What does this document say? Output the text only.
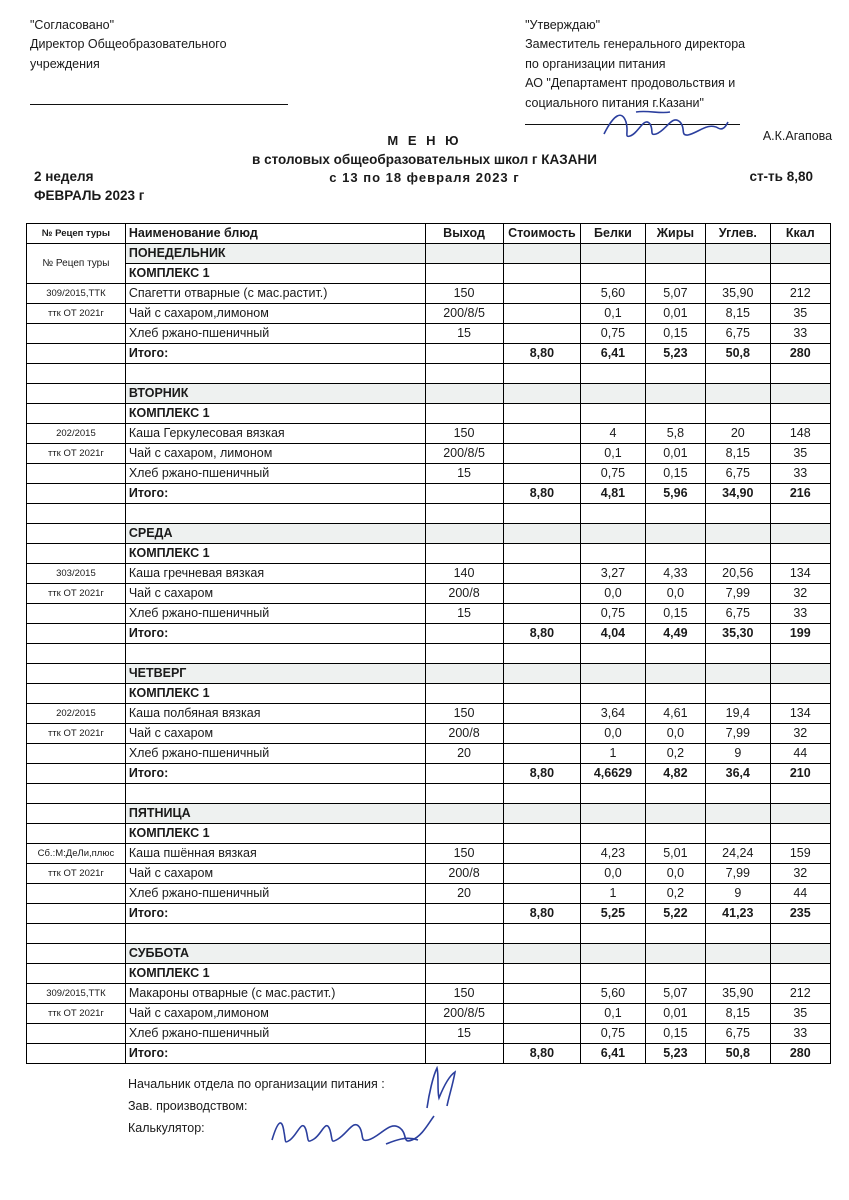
"Согласовано"
Директор Общеобразовательного
учреждения
"Утверждаю"
Заместитель генерального директора
по организации питания
АО "Департамент продовольствия и
социального питания г.Казани"
А.К.Агапова
М Е Н Ю
в столовых общеобразовательных школ г КАЗАНИ
с 13 по 18 февраля 2023 г
2 неделя
ФЕВРАЛЬ 2023 г
ст-ть 8,80
№ Рецеп туры	Наименование блюд	Выход	Стоимость	Белки	Жиры	Углев.	Ккал
№ Рецеп туры	ПОНЕДЕЛЬНИК						
	КОМПЛЕКС 1						
309/2015,ТТК	Спагетти отварные (с мас.растит.)	150		5,60	5,07	35,90	212
ттк ОТ 2021г	Чай с сахаром,лимоном	200/8/5		0,1	0,01	8,15	35
	Хлеб ржано-пшеничный	15		0,75	0,15	6,75	33
	Итого:		8,80	6,41	5,23	50,8	280

	ВТОРНИК						
	КОМПЛЕКС 1						
202/2015	Каша Геркулесовая вязкая	150		4	5,8	20	148
ттк ОТ 2021г	Чай с сахаром, лимоном	200/8/5		0,1	0,01	8,15	35
	Хлеб ржано-пшеничный	15		0,75	0,15	6,75	33
	Итого:		8,80	4,81	5,96	34,90	216

	СРЕДА						
	КОМПЛЕКС 1						
303/2015	Каша гречневая вязкая	140		3,27	4,33	20,56	134
ттк ОТ 2021г	Чай с сахаром	200/8		0,0	0,0	7,99	32
	Хлеб ржано-пшеничный	15		0,75	0,15	6,75	33
	Итого:		8,80	4,04	4,49	35,30	199

	ЧЕТВЕРГ						
	КОМПЛЕКС 1						
202/2015	Каша полбяная вязкая	150		3,64	4,61	19,4	134
ттк ОТ 2021г	Чай с сахаром	200/8		0,0	0,0	7,99	32
	Хлеб ржано-пшеничный	20		1	0,2	9	44
	Итого:		8,80	4,6629	4,82	36,4	210

	ПЯТНИЦА						
	КОМПЛЕКС 1						
Сб.:М:ДеЛи,плюс	Каша пшённая вязкая	150		4,23	5,01	24,24	159
ттк ОТ 2021г	Чай с сахаром	200/8		0,0	0,0	7,99	32
	Хлеб ржано-пшеничный	20		1	0,2	9	44
	Итого:		8,80	5,25	5,22	41,23	235

	СУББОТА						
	КОМПЛЕКС 1						
309/2015,ТТК	Макароны отварные (с мас.растит.)	150		5,60	5,07	35,90	212
ттк ОТ 2021г	Чай с сахаром,лимоном	200/8/5		0,1	0,01	8,15	35
	Хлеб ржано-пшеничный	15		0,75	0,15	6,75	33
	Итого:		8,80	6,41	5,23	50,8	280
Начальник отдела по организации питания :
Зав. производством:
Калькулятор:
